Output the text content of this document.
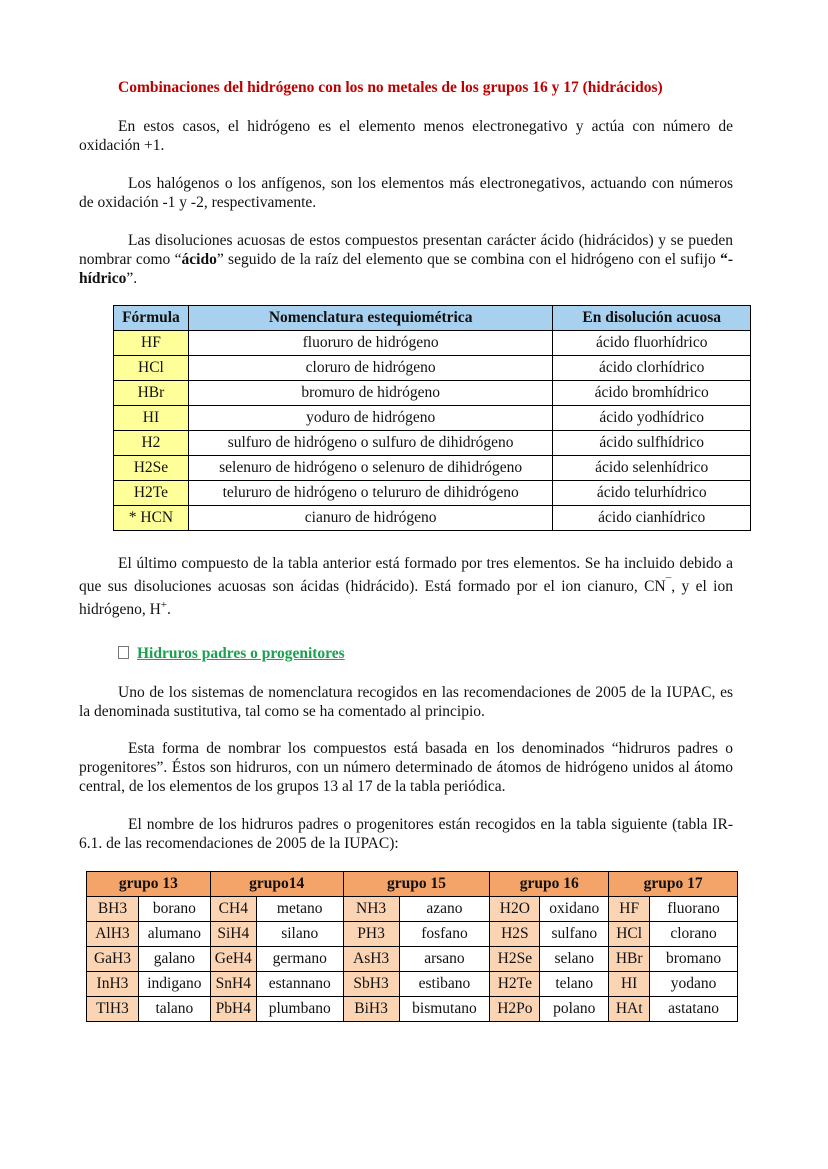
Combinaciones del hidrógeno con los no metales de los grupos 16 y 17 (hidrácidos)
En estos casos, el hidrógeno es el elemento menos electronegativo y actúa con número de oxidación +1.
Los halógenos o los anfígenos, son los elementos más electronegativos, actuando con números de oxidación -1 y -2, respectivamente.
Las disoluciones acuosas de estos compuestos presentan carácter ácido (hidrácidos) y se pueden nombrar como “ácido” seguido de la raíz del elemento que se combina con el hidrógeno con el sufijo “-hídrico”.
Fórmula	Nomenclatura estequiométrica	En disolución acuosa
HF	fluoruro de hidrógeno	ácido fluorhídrico
HCl	cloruro de hidrógeno	ácido clorhídrico
HBr	bromuro de hidrógeno	ácido bromhídrico
HI	yoduro de hidrógeno	ácido yodhídrico
H2	sulfuro de hidrógeno o sulfuro de dihidrógeno	ácido sulfhídrico
H2Se	selenuro de hidrógeno o selenuro de dihidrógeno	ácido selenhídrico
H2Te	telururo de hidrógeno o telururo de dihidrógeno	ácido telurhídrico
* HCN	cianuro de hidrógeno	ácido cianhídrico
El último compuesto de la tabla anterior está formado por tres elementos. Se ha incluido debido a que sus disoluciones acuosas son ácidas (hidrácido). Está formado por el ion cianuro, CN¯, y el ion hidrógeno, H+.
Hidruros padres o progenitores
Uno de los sistemas de nomenclatura recogidos en las recomendaciones de 2005 de la IUPAC, es la denominada sustitutiva, tal como se ha comentado al principio.
Esta forma de nombrar los compuestos está basada en los denominados “hidruros padres o progenitores”. Éstos son hidruros, con un número determinado de átomos de hidrógeno unidos al átomo central, de los elementos de los grupos 13 al 17 de la tabla periódica.
El nombre de los hidruros padres o progenitores están recogidos en la tabla siguiente (tabla IR-6.1. de las recomendaciones de 2005 de la IUPAC):
grupo 13		grupo14		grupo 15		grupo 16		grupo 17	
BH3	borano	CH4	metano	NH3	azano	H2O	oxidano	HF	fluorano
AlH3	alumano	SiH4	silano	PH3	fosfano	H2S	sulfano	HCl	clorano
GaH3	galano	GeH4	germano	AsH3	arsano	H2Se	selano	HBr	bromano
InH3	indigano	SnH4	estannano	SbH3	estibano	H2Te	telano	HI	yodano
TlH3	talano	PbH4	plumbano	BiH3	bismutano	H2Po	polano	HAt	astatano
